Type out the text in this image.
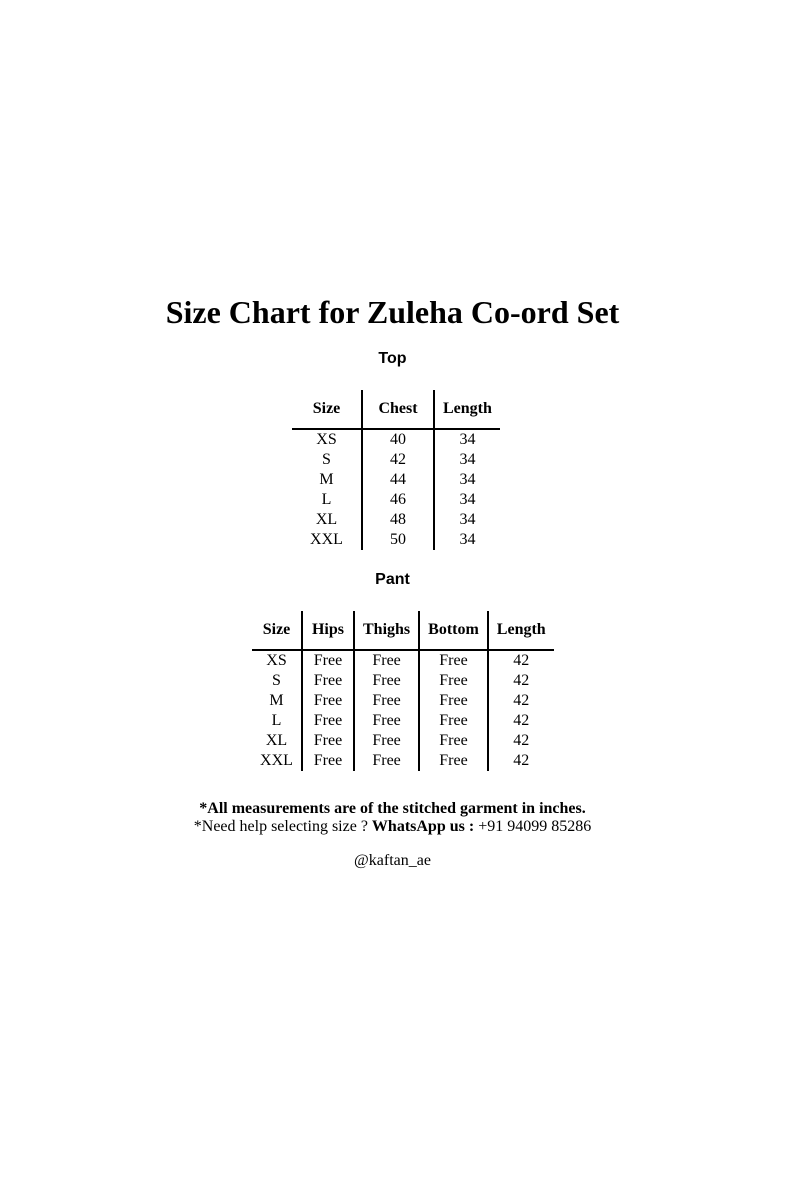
Size Chart for Zuleha Co-ord Set
Top
Size	Chest	Length
XS	40	34
S	42	34
M	44	34
L	46	34
XL	48	34
XXL	50	34
Pant
Size	Hips	Thighs	Bottom	Length
XS	Free	Free	Free	42
S	Free	Free	Free	42
M	Free	Free	Free	42
L	Free	Free	Free	42
XL	Free	Free	Free	42
XXL	Free	Free	Free	42
*All measurements are of the stitched garment in inches.
*Need help selecting size ? WhatsApp us : +91 94099 85286
@kaftan_ae
